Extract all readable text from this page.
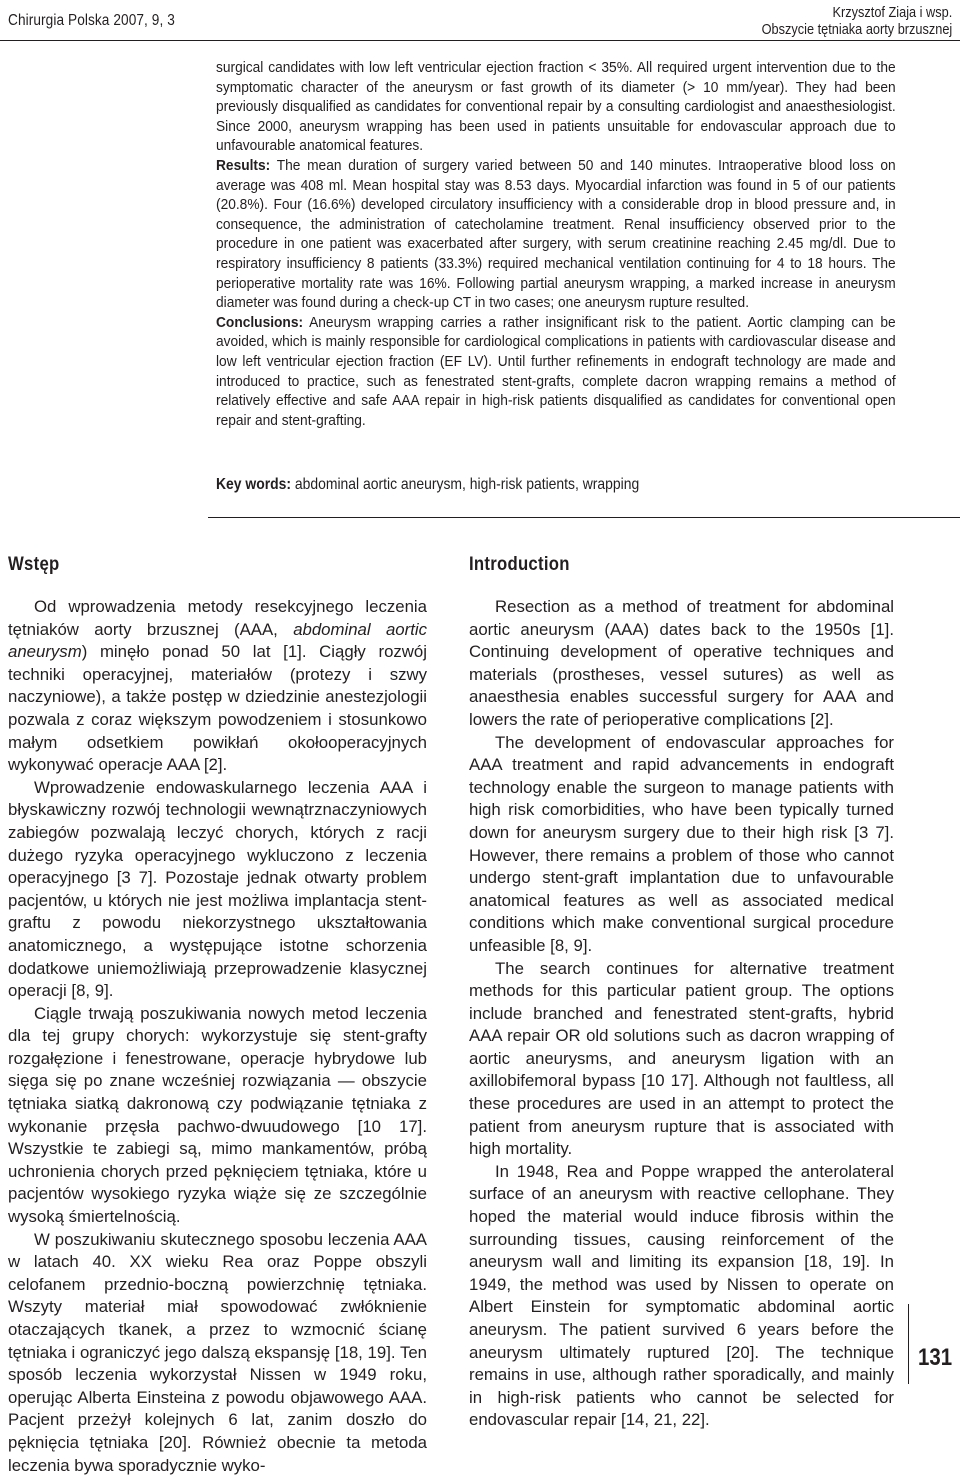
Chirurgia Polska 2007, 9, 3	Krzysztof Ziaja i wsp.
Obszycie tętniaka aorty brzusznej

surgical candidates with low left ventricular ejection fraction < 35%. All required urgent intervention due to the symptomatic character of the aneurysm or fast growth of its diameter (> 10 mm/year). They had been previously disqualified as candidates for conventional repair by a consulting cardiologist and anaesthesiologist. Since 2000, aneurysm wrapping has been used in patients unsuitable for endovascular approach due to unfavourable anatomical features.

Results: The mean duration of surgery varied between 50 and 140 minutes. Intraoperative blood loss on average was 408 ml. Mean hospital stay was 8.53 days. Myocardial infarction was found in 5 of our patients (20.8%). Four (16.6%) developed circulatory insufficiency with a considerable drop in blood pressure and, in consequence, the administration of catecholamine treatment. Renal insufficiency observed prior to the procedure in one patient was exacerbated after surgery, with serum creatinine reaching 2.45 mg/dl. Due to respiratory insufficiency 8 patients (33.3%) required mechanical ventilation continuing for 4 to 18 hours. The perioperative mortality rate was 16%. Following partial aneurysm wrapping, a marked increase in aneurysm diameter was found during a check-up CT in two cases; one aneurysm rupture resulted.

Conclusions: Aneurysm wrapping carries a rather insignificant risk to the patient. Aortic clamping can be avoided, which is mainly responsible for cardiological complications in patients with cardiovascular disease and low left ventricular ejection fraction (EF LV). Until further refinements in endograft technology are made and introduced to practice, such as fenestrated stent-grafts, complete dacron wrapping remains a method of relatively effective and safe AAA repair in high-risk patients disqualified as candidates for conventional open repair and stent-grafting.

Key words: abdominal aortic aneurysm, high-risk patients, wrapping
Wstęp

Od wprowadzenia metody resekcyjnego leczenia tętniaków aorty brzusznej (AAA, abdominal aortic aneurysm) minęło ponad 50 lat [1]. Ciągły rozwój techniki operacyjnej, materiałów (protezy i szwy naczyniowe), a także postęp w dziedzinie anestezjologii pozwala z coraz większym powodzeniem i stosunkowo małym odsetkiem powikłań okołooperacyjnych wykonywać operacje AAA [2].

Wprowadzenie endowaskularnego leczenia AAA i błyskawiczny rozwój technologii wewnątrznaczyniowych zabiegów pozwalają leczyć chorych, których z racji dużego ryzyka operacyjnego wykluczono z leczenia operacyjnego [3 7]. Pozostaje jednak otwarty problem pacjentów, u których nie jest możliwa implantacja stent-graftu z powodu niekorzystnego ukształtowania anatomicznego, a występujące istotne schorzenia dodatkowe uniemożliwiają przeprowadzenie klasycznej operacji [8, 9].

Ciągle trwają poszukiwania nowych metod leczenia dla tej grupy chorych: wykorzystuje się stent-grafty rozgałęzione i fenestrowane, operacje hybrydowe lub sięga się po znane wcześniej rozwiązania — obszycie tętniaka siatką dakronową czy podwiązanie tętniaka z wykonanie przęsła pachwo-dwuudowego [10 17]. Wszystkie te zabiegi są, mimo mankamentów, próbą uchronienia chorych przed pęknięciem tętniaka, które u pacjentów wysokiego ryzyka wiąże się ze szczególnie wysoką śmiertelnością.

W poszukiwaniu skutecznego sposobu leczenia AAA w latach 40. XX wieku Rea oraz Poppe obszyli celofanem przednio-boczną powierzchnię tętniaka. Wszyty materiał miał spowodować zwłóknienie otaczających tkanek, a przez to wzmocnić ścianę tętniaka i ograniczyć jego dalszą ekspansję [18, 19]. Ten sposób leczenia wykorzystał Nissen w 1949 roku, operując Alberta Einsteina z powodu objawowego AAA. Pacjent przeżył kolejnych 6 lat, zanim doszło do pęknięcia tętniaka [20]. Również obecnie ta metoda leczenia bywa sporadycznie wyko-

Introduction

Resection as a method of treatment for abdominal aortic aneurysm (AAA) dates back to the 1950s [1]. Continuing development of operative techniques and materials (prostheses, vessel sutures) as well as anaesthesia enables successful surgery for AAA and lowers the rate of perioperative complications [2].

The development of endovascular approaches for AAA treatment and rapid advancements in endograft technology enable the surgeon to manage patients with high risk comorbidities, who have been typically turned down for aneurysm surgery due to their high risk [3 7]. However, there remains a problem of those who cannot undergo stent-graft implantation due to unfavourable anatomical features as well as associated medical conditions which make conventional surgical procedure unfeasible [8, 9].

The search continues for alternative treatment methods for this particular patient group. The options include branched and fenestrated stent-grafts, hybrid AAA repair OR old solutions such as dacron wrapping of aortic aneurysms, and aneurysm ligation with an axillobifemoral bypass [10 17]. Although not faultless, all these procedures are used in an attempt to protect the patient from aneurysm rupture that is associated with high mortality.

In 1948, Rea and Poppe wrapped the anterolateral surface of an aneurysm with reactive cellophane. They hoped the material would induce fibrosis within the surrounding tissues, causing reinforcement of the aneurysm wall and limiting its expansion [18, 19]. In 1949, the method was used by Nissen to operate on Albert Einstein for symptomatic abdominal aortic aneurysm. The patient survived 6 years before the aneurysm ultimately ruptured [20]. The technique remains in use, although rather sporadically, and mainly in high-risk patients who cannot be selected for endovascular repair [14, 21, 22].

131
